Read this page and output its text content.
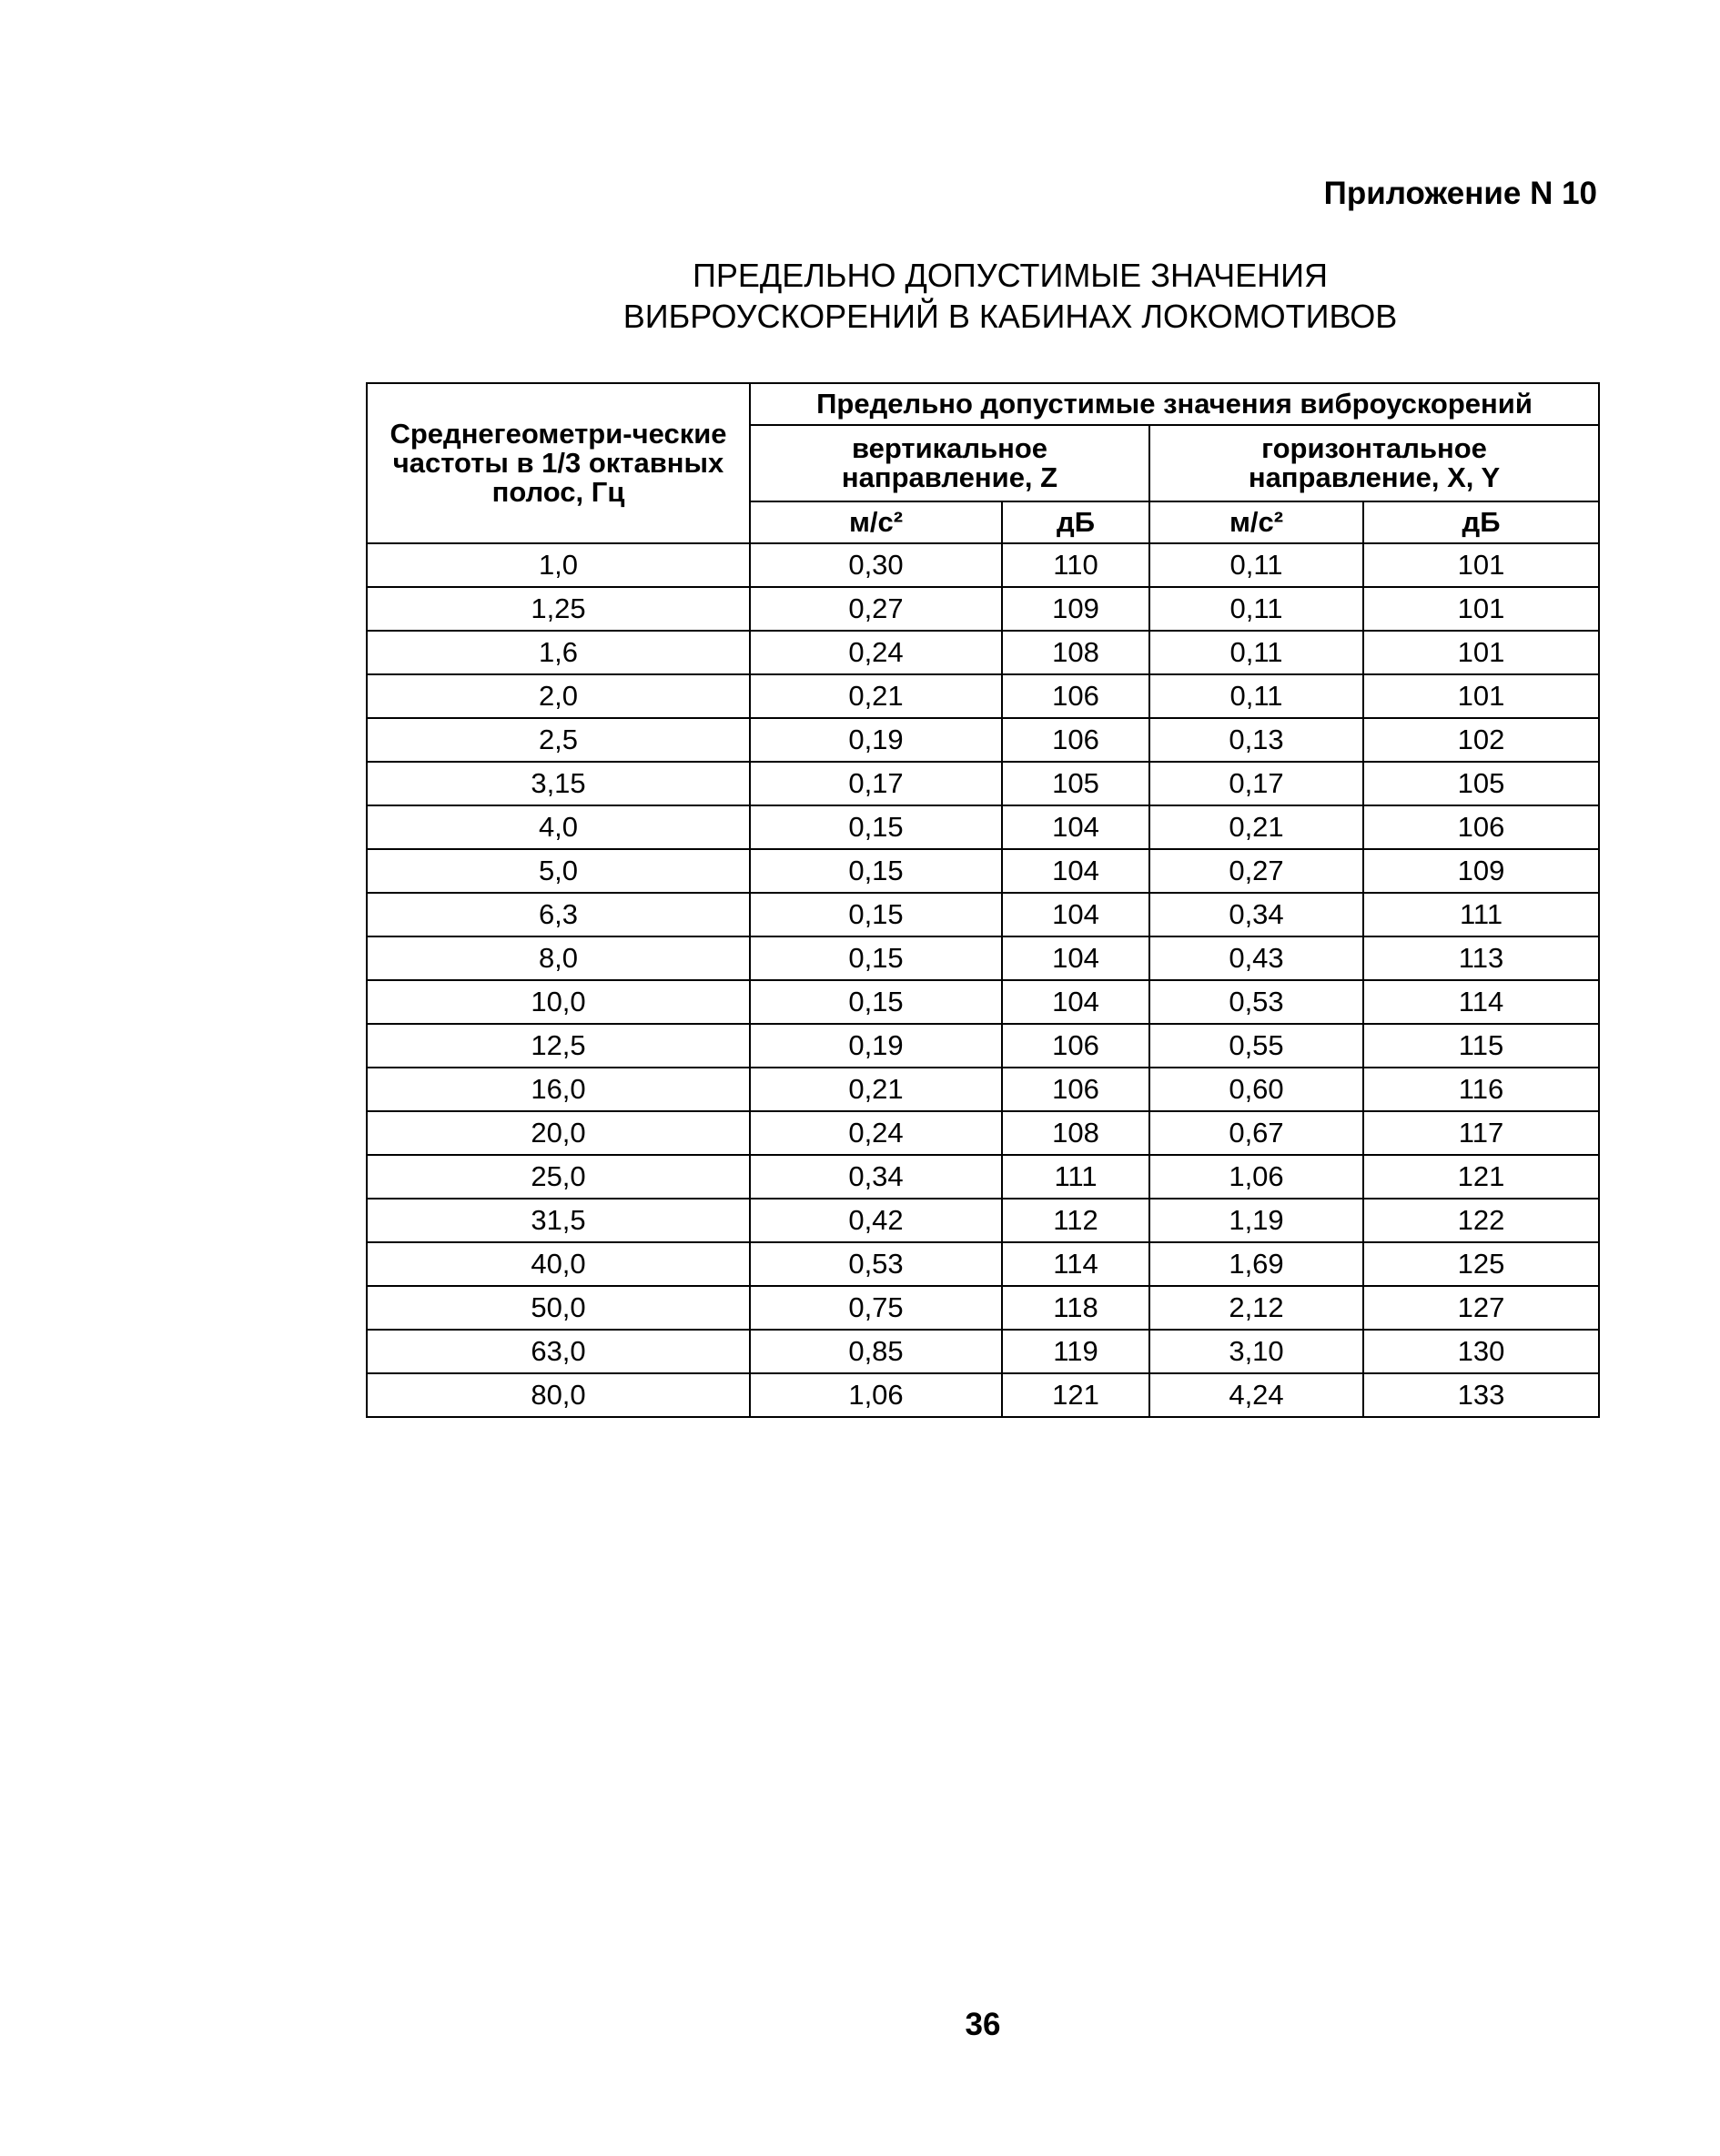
Приложение N 10
ПРЕДЕЛЬНО ДОПУСТИМЫЕ ЗНАЧЕНИЯ
ВИБРОУСКОРЕНИЙ В КАБИНАХ ЛОКОМОТИВОВ
Среднегеометри-ческие частоты в 1/3 октавных полос, Гц	Предельно допустимые значения виброускорений			
	вертикальное направление, Z		горизонтальное направление, X, Y	
	м/с²	дБ	м/с²	дБ
1,0	0,30	110	0,11	101
1,25	0,27	109	0,11	101
1,6	0,24	108	0,11	101
2,0	0,21	106	0,11	101
2,5	0,19	106	0,13	102
3,15	0,17	105	0,17	105
4,0	0,15	104	0,21	106
5,0	0,15	104	0,27	109
6,3	0,15	104	0,34	111
8,0	0,15	104	0,43	113
10,0	0,15	104	0,53	114
12,5	0,19	106	0,55	115
16,0	0,21	106	0,60	116
20,0	0,24	108	0,67	117
25,0	0,34	111	1,06	121
31,5	0,42	112	1,19	122
40,0	0,53	114	1,69	125
50,0	0,75	118	2,12	127
63,0	0,85	119	3,10	130
80,0	1,06	121	4,24	133
36
